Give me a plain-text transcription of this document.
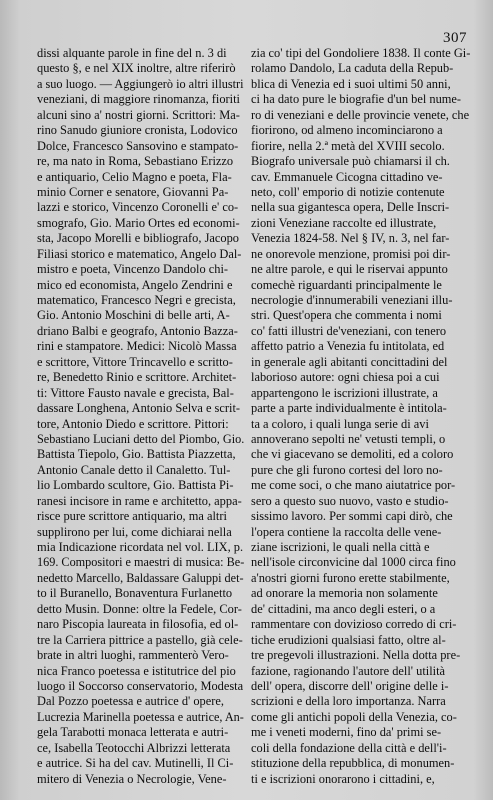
307
dissi alquante parole in fine del n. 3 di
questo §, e nel XIX inoltre, altre riferirò
a suo luogo. — Aggiungerò io altri illustri
veneziani, di maggiore rinomanza, fioriti
alcuni sino a' nostri giorni. Scrittori: Ma-
rino Sanudo giuniore cronista, Lodovico
Dolce, Francesco Sansovino e stampato-
re, ma nato in Roma, Sebastiano Erizzo
e antiquario, Celio Magno e poeta, Fla-
minio Corner e senatore, Giovanni Pa-
lazzi e storico, Vincenzo Coronelli e' co-
smografo, Gio. Mario Ortes ed economi-
sta, Jacopo Morelli e bibliografo, Jacopo
Filiasi storico e matematico, Angelo Dal-
mistro e poeta, Vincenzo Dandolo chi-
mico ed economista, Angelo Zendrini e
matematico, Francesco Negri e grecista,
Gio. Antonio Moschini di belle arti, A-
driano Balbi e geografo, Antonio Bazza-
rini e stampatore. Medici: Nicolò Massa
e scrittore, Vittore Trincavello e scritto-
re, Benedetto Rinio e scrittore. Architet-
ti: Vittore Fausto navale e grecista, Bal-
dassare Longhena, Antonio Selva e scrit-
tore, Antonio Diedo e scrittore. Pittori:
Sebastiano Luciani detto del Piombo, Gio.
Battista Tiepolo, Gio. Battista Piazzetta,
Antonio Canale detto il Canaletto. Tul-
lio Lombardo scultore, Gio. Battista Pi-
ranesi incisore in rame e architetto, appa-
risce pure scrittore antiquario, ma altri
supplirono per lui, come dichiarai nella
mia Indicazione ricordata nel vol. LIX, p.
169. Compositori e maestri di musica: Be-
nedetto Marcello, Baldassare Galuppi det-
to il Buranello, Bonaventura Furlanetto
detto Musin. Donne: oltre la Fedele, Cor-
naro Piscopia laureata in filosofia, ed ol-
tre la Carriera pittrice a pastello, già cele-
brate in altri luoghi, rammenterò Vero-
nica Franco poetessa e istitutrice del pio
luogo il Soccorso conservatorio, Modesta
Dal Pozzo poetessa e autrice d' opere,
Lucrezia Marinella poetessa e autrice, An-
gela Tarabotti monaca letterata e autri-
ce, Isabella Teotocchi Albrizzi letterata
e autrice. Si ha del cav. Mutinelli, Il Ci-
mitero di Venezia o Necrologie, Vene-
zia co' tipi del Gondoliere 1838. Il conte Gi-
rolamo Dandolo, La caduta della Repub-
blica di Venezia ed i suoi ultimi 50 anni,
ci ha dato pure le biografie d'un bel nume-
ro di veneziani e delle provincie venete, che
fiorirono, od almeno incominciarono a
fiorire, nella 2.ª metà del XVIII secolo.
Biografo universale può chiamarsi il ch.
cav. Emmanuele Cicogna cittadino ve-
neto, coll' emporio di notizie contenute
nella sua gigantesca opera, Delle Inscri-
zioni Veneziane raccolte ed illustrate,
Venezia 1824-58. Nel § IV, n. 3, nel far-
ne onorevole menzione, promisi poi dir-
ne altre parole, e qui le riservai appunto
comechè riguardanti principalmente le
necrologie d'innumerabili veneziani illu-
stri. Quest'opera che commenta i nomi
co' fatti illustri de'veneziani, con tenero
affetto patrio a Venezia fu intitolata, ed
in generale agli abitanti concittadini del
laborioso autore: ogni chiesa poi a cui
appartengono le iscrizioni illustrate, a
parte a parte individualmente è intitola-
ta a coloro, i quali lunga serie di avi
annoverano sepolti ne' vetusti templi, o
che vi giacevano se demoliti, ed a coloro
pure che gli furono cortesi del loro no-
me come soci, o che mano aiutatrice por-
sero a questo suo nuovo, vasto e studio-
sissimo lavoro. Per sommi capi dirò, che
l'opera contiene la raccolta delle vene-
ziane iscrizioni, le quali nella città e
nell'isole circonvicine dal 1000 circa fino
a'nostri giorni furono erette stabilmente,
ad onorare la memoria non solamente
de' cittadini, ma anco degli esteri, o a
rammentare con dovizioso corredo di cri-
tiche erudizioni qualsiasi fatto, oltre al-
tre pregevoli illustrazioni. Nella dotta pre-
fazione, ragionando l'autore dell' utilità
dell' opera, discorre dell' origine delle i-
scrizioni e della loro importanza. Narra
come gli antichi popoli della Venezia, co-
me i veneti moderni, fino da' primi se-
coli della fondazione della città e dell'i-
stituzione della repubblica, di monumen-
ti e iscrizioni onorarono i cittadini, e,
